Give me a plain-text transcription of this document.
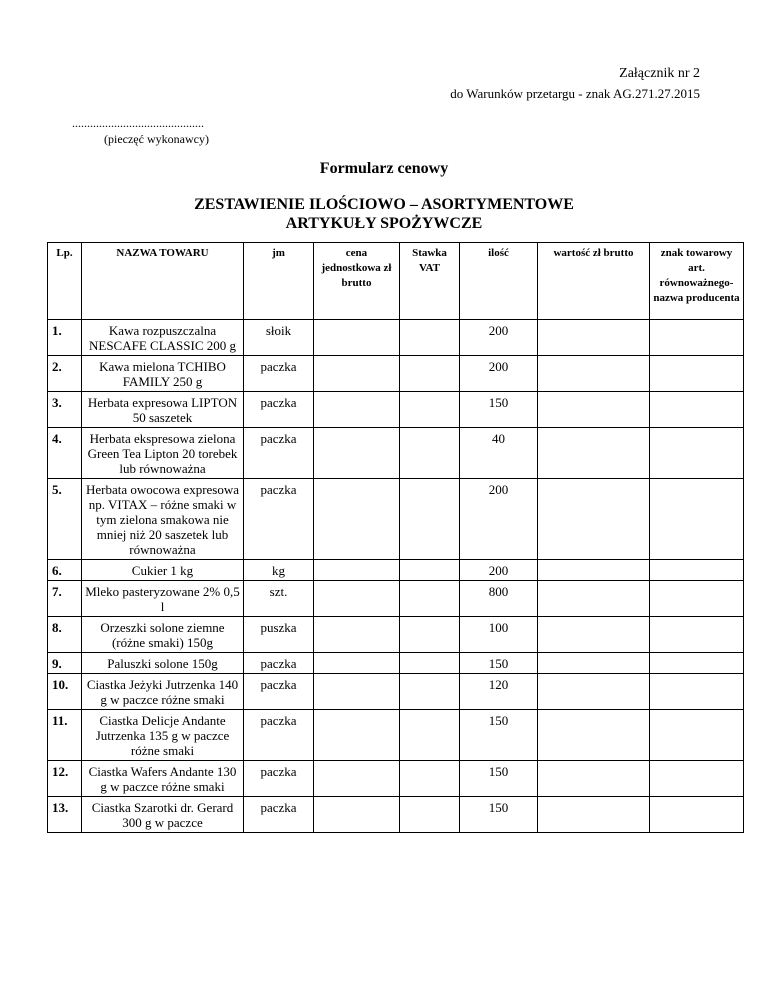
Załącznik nr 2
do Warunków przetargu - znak AG.271.27.2015
............................................
(pieczęć wykonawcy)
Formularz cenowy
ZESTAWIENIE ILOŚCIOWO – ASORTYMENTOWE
ARTYKUŁY SPOŻYWCZE
Lp.	NAZWA TOWARU	jm	cena jednostkowa zł brutto	Stawka VAT	ilość	wartość zł brutto	znak towarowy art. równoważnego-nazwa producenta
1.	Kawa rozpuszczalna NESCAFE CLASSIC 200 g	słoik			200		
2.	Kawa mielona TCHIBO FAMILY 250 g	paczka			200		
3.	Herbata expresowa LIPTON 50 saszetek	paczka			150		
4.	Herbata ekspresowa zielona Green Tea Lipton 20 torebek lub równoważna	paczka			40		
5.	Herbata owocowa expresowa np. VITAX – różne smaki w tym zielona smakowa nie mniej niż 20 saszetek lub równoważna	paczka			200		
6.	Cukier 1 kg	kg			200		
7.	Mleko pasteryzowane 2% 0,5 l	szt.			800		
8.	Orzeszki solone ziemne (różne smaki) 150g	puszka			100		
9.	Paluszki solone 150g	paczka			150		
10.	Ciastka Jeżyki Jutrzenka 140 g w paczce różne smaki	paczka			120		
11.	Ciastka Delicje Andante Jutrzenka 135 g w paczce różne smaki	paczka			150		
12.	Ciastka Wafers Andante 130 g w paczce różne smaki	paczka			150		
13.	Ciastka Szarotki dr. Gerard 300 g w paczce	paczka			150		
